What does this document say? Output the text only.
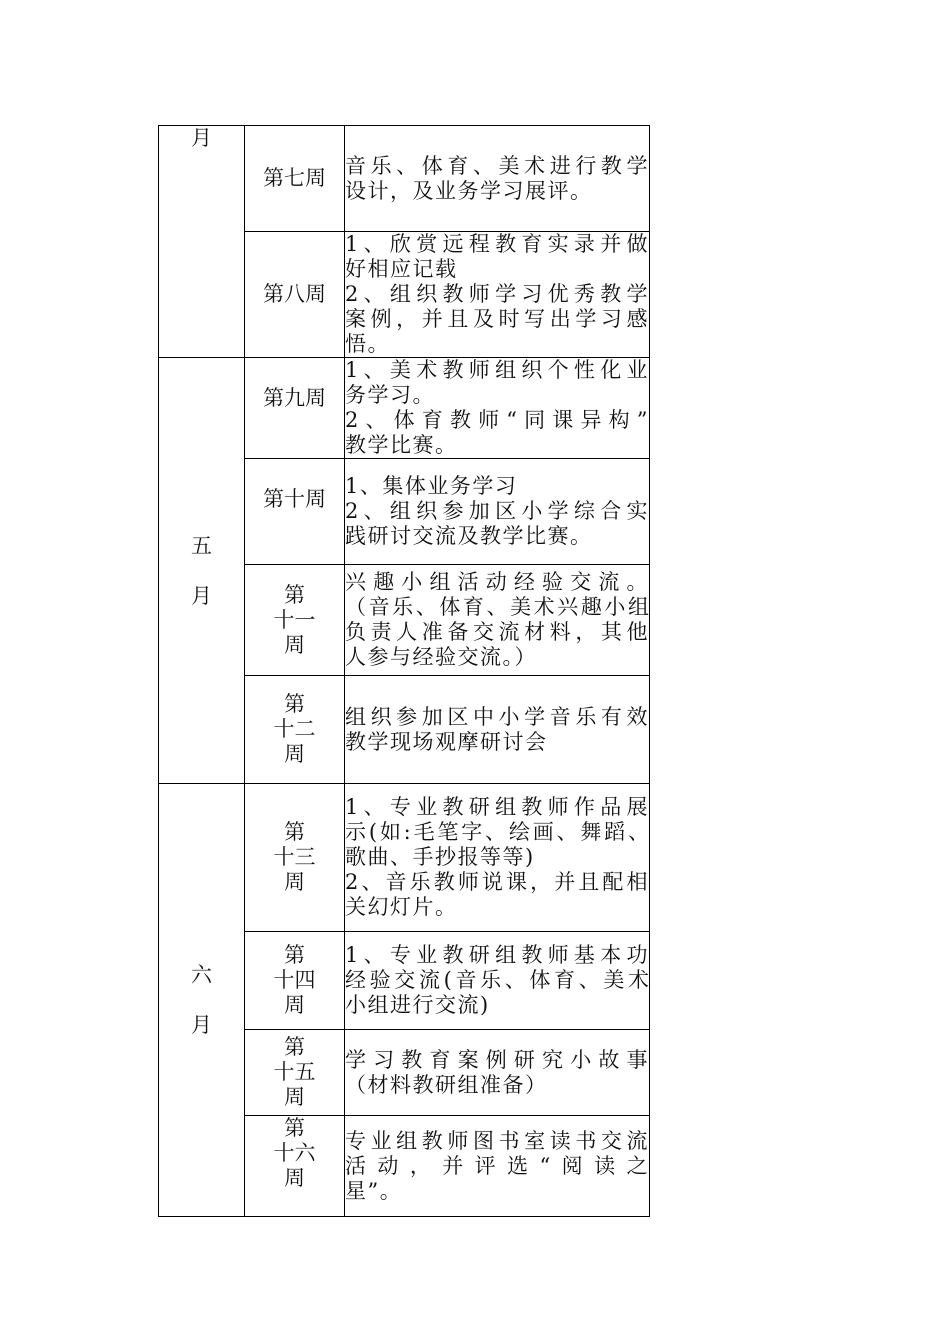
月	第七周	音乐、体育、美术进行教学
设计，及业务学习展评。

	第八周	1、欣赏远程教育实录并做
好相应记载
2、组织教师学习优秀教学
案例，并且及时写出学习感
悟。

五
月	第九周	1、美术教师组织个性化业
务学习。
2、体育教师“同课异构”
教学比赛。

	第十周	1、集体业务学习
2、组织参加区小学综合实
践研讨交流及教学比赛。

	第
十一
周	兴趣小组活动经验交流。
（音乐、体育、美术兴趣小组
负责人准备交流材料，其他
人参与经验交流。）

	第
十二
周	组织参加区中小学音乐有效
教学现场观摩研讨会

六
月	第
十三
周	1、专业教研组教师作品展
示(如:毛笔字、绘画、舞蹈、
歌曲、手抄报等等)
2、音乐教师说课，并且配相
关幻灯片。

	第
十四
周	1、专业教研组教师基本功
经验交流(音乐、体育、美术
小组进行交流)

	第
十五
周	学习教育案例研究小故事
（材料教研组准备）

	第
十六
周	专业组教师图书室读书交流
活动，并评选“阅读之
星”。
